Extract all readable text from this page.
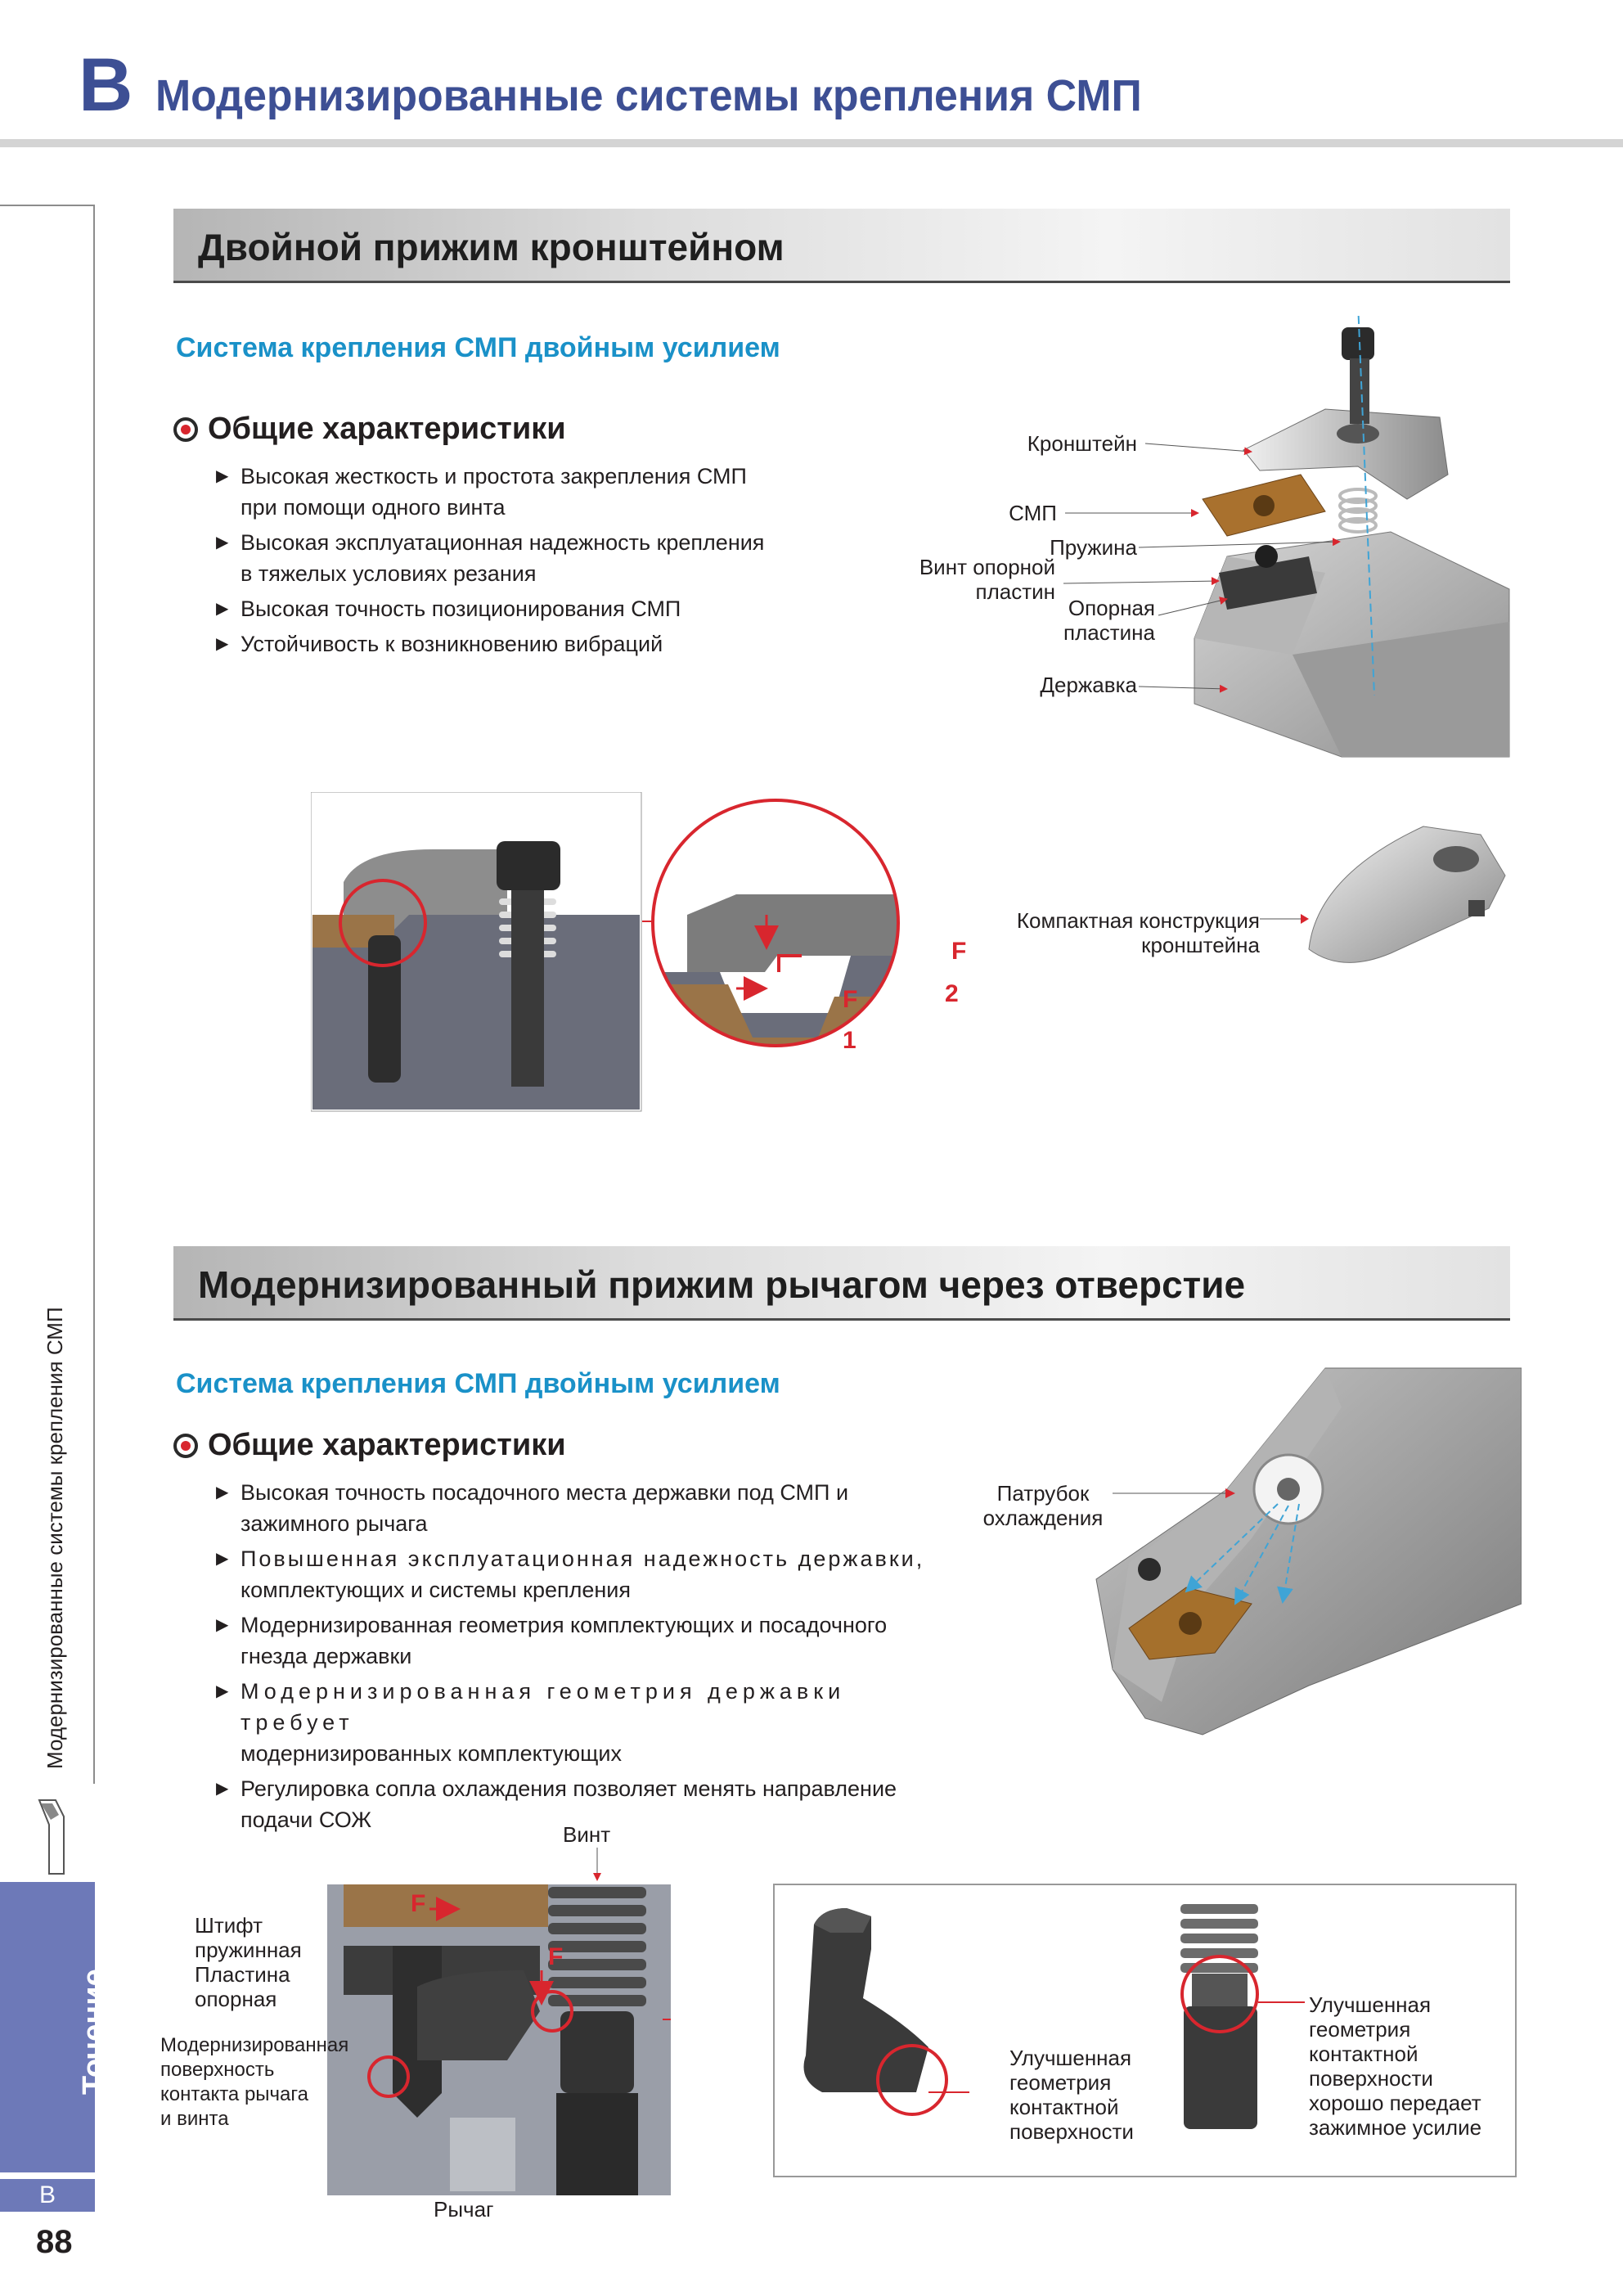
B Модернизированные системы крепления СМП
Модернизированные системы крепления СМП
Точение
B
88
Двойной прижим кронштейном
Система крепления СМП двойным усилием
Общие характеристики
▶ Высокая жесткость и простота закрепления СМП
при помощи одного винта
▶ Высокая эксплуатационная надежность крепления
в тяжелых условиях резания
▶ Высокая точность позиционирования СМП
▶ Устойчивость к возникновению вибраций
Кронштейн
СМП
Пружина
Винт опорной
пластин
Опорная
пластина
Державка
F
2
F
1
Компактная конструкция
кронштейна
Модернизированный прижим рычагом через отверстие
Система крепления СМП двойным усилием
Общие характеристики
▶ Высокая точность посадочного места державки под СМП и
зажимного рычага
▶ Повышенная эксплуатационная надежность державки,
комплектующих и системы крепления
▶ Модернизированная геометрия комплектующих и посадочного
гнезда державки
▶ Модернизированная геометрия державки требует
модернизированных комплектующих
▶ Регулировка сопла охлаждения позволяет менять направление
подачи СОЖ
Патрубок
охлаждения
Винт
F
F
Штифт
пружинная
Пластина
опорная
Модернизированная
поверхность
контакта рычага
и винта
Рычаг
Улучшенная
геометрия
контактной
поверхности
Улучшенная
геометрия
контактной
поверхности
хорошо передает
зажимное усилие
